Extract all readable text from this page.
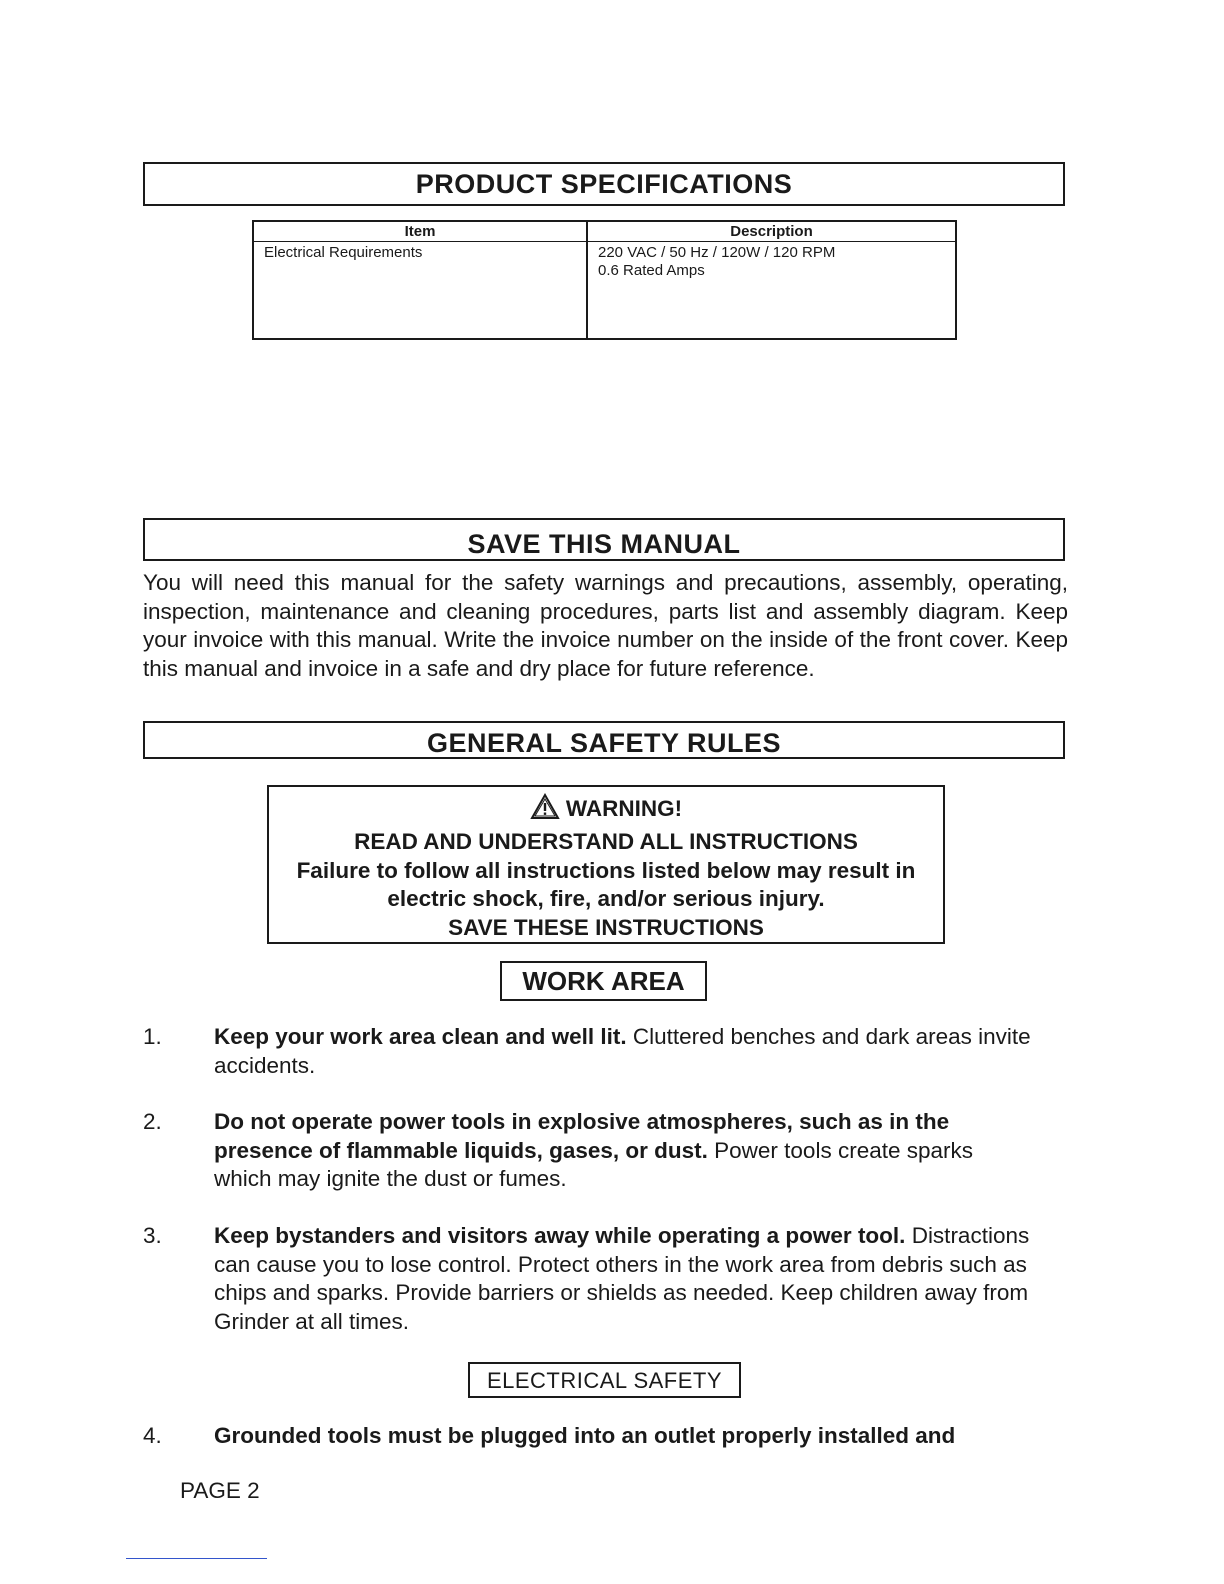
PRODUCT SPECIFICATIONS
Item	Description
Electrical Requirements	220 VAC / 50 Hz / 120W / 120 RPM
0.6 Rated Amps
SAVE THIS MANUAL
You will need this manual for the safety warnings and precautions, assembly, operating, inspection, maintenance and cleaning procedures, parts list and assembly diagram. Keep your invoice with this manual. Write the invoice number on the inside of the front cover. Keep this manual and invoice in a safe and dry place for future reference.
GENERAL SAFETY RULES
WARNING!
READ AND UNDERSTAND ALL INSTRUCTIONS
Failure to follow all instructions listed below may result in
electric shock, fire, and/or serious injury.
SAVE THESE INSTRUCTIONS
WORK AREA
1. Keep your work area clean and well lit. Cluttered benches and dark areas invite accidents.
2. Do not operate power tools in explosive atmospheres, such as in the presence of flammable liquids, gases, or dust. Power tools create sparks which may ignite the dust or fumes.
3. Keep bystanders and visitors away while operating a power tool. Distractions can cause you to lose control. Protect others in the work area from debris such as chips and sparks. Provide barriers or shields as needed. Keep children away from Grinder at all times.
ELECTRICAL SAFETY
4. Grounded tools must be plugged into an outlet properly installed and
PAGE 2
